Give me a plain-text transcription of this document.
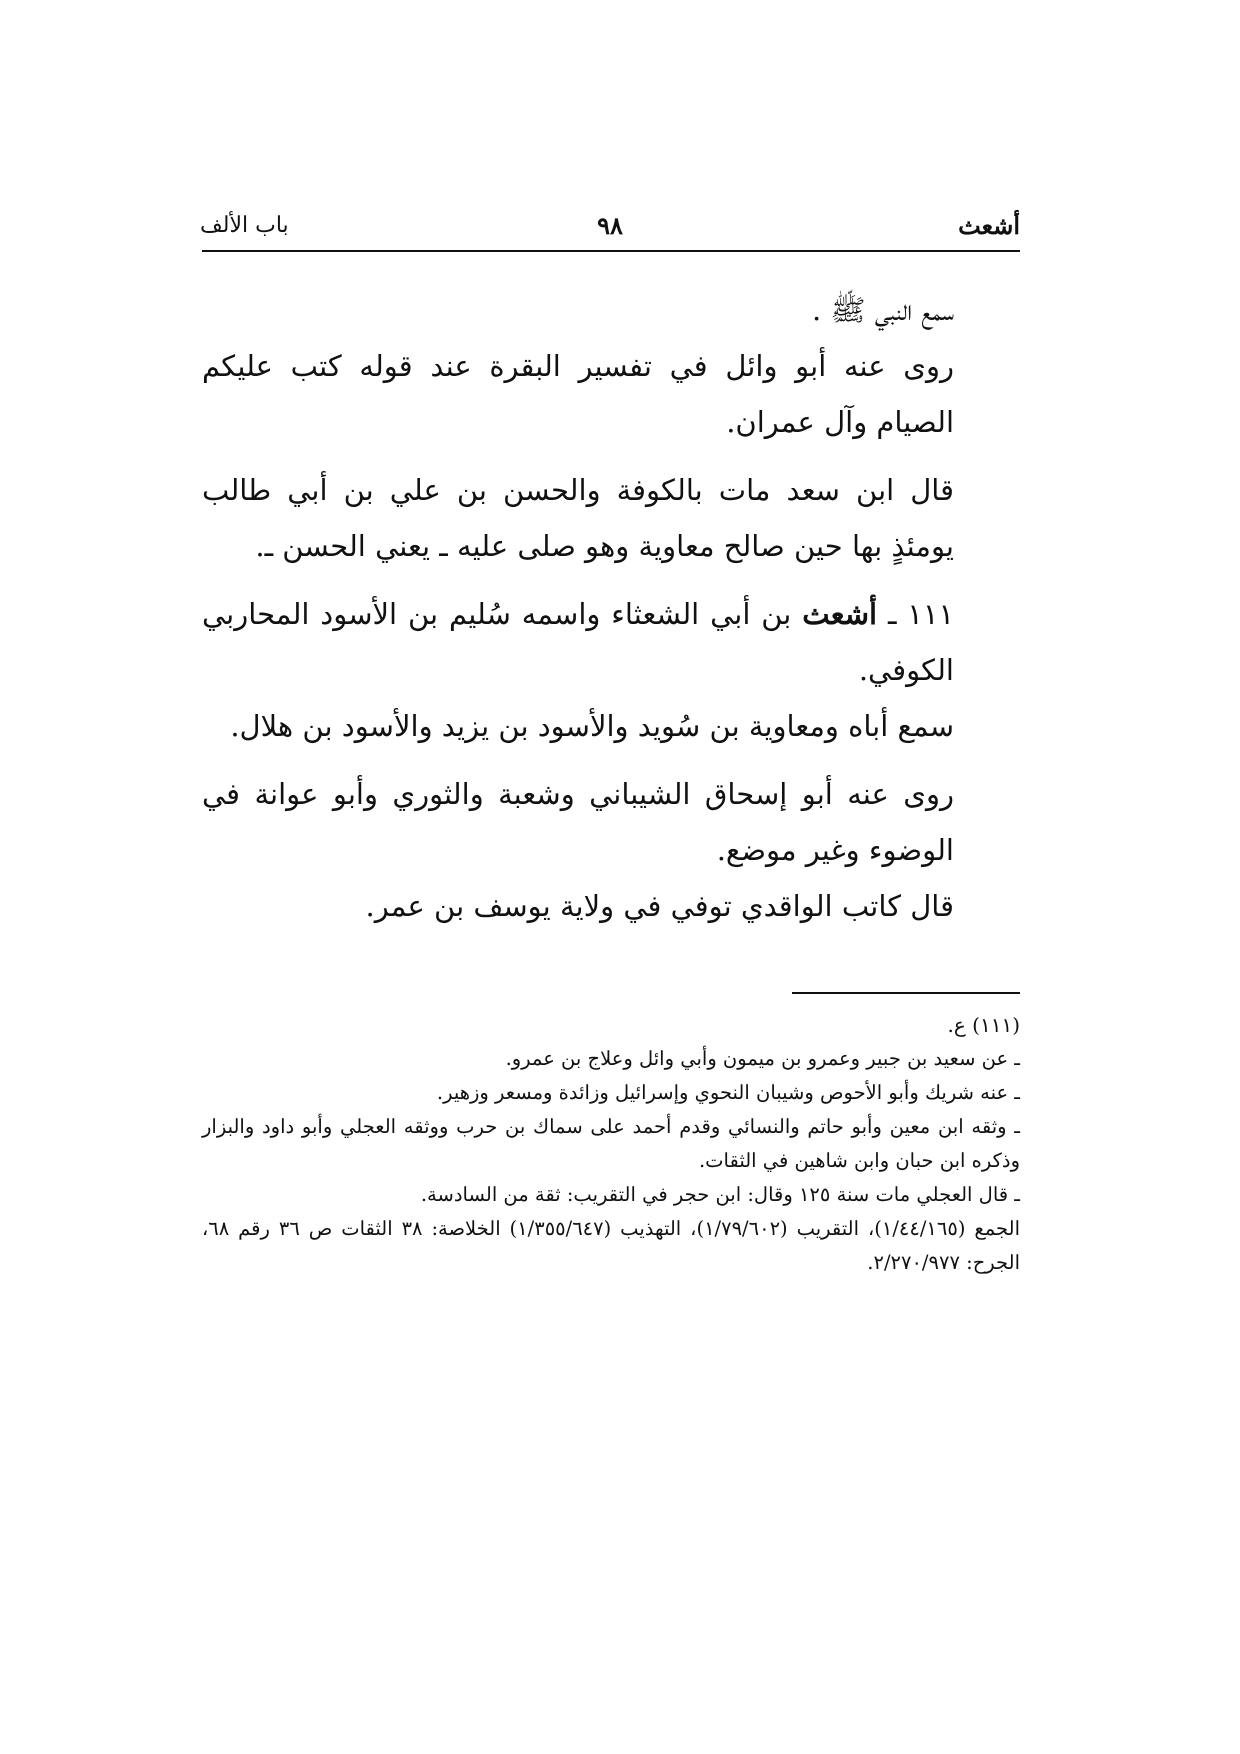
أشعث
٩٨
باب الألف

سمع النبي ﷺ .

روى عنه أبو وائل في تفسير البقرة عند قوله كتب عليكم الصيام وآل عمران.

قال ابن سعد مات بالكوفة والحسن بن علي بن أبي طالب يومئذٍ بها حين صالح معاوية وهو صلى عليه ـ يعني الحسن ـ.

١١١ ـ أشعث بن أبي الشعثاء واسمه سُليم بن الأسود المحاربي الكوفي.

سمع أباه ومعاوية بن سُويد والأسود بن يزيد والأسود بن هلال.

روى عنه أبو إسحاق الشيباني وشعبة والثوري وأبو عوانة في الوضوء وغير موضع.

قال كاتب الواقدي توفي في ولاية يوسف بن عمر.

(١١١) ع.

ـ عن سعيد بن جبير وعمرو بن ميمون وأبي وائل وعلاج بن عمرو.

ـ عنه شريك وأبو الأحوص وشيبان النحوي وإسرائيل وزائدة ومسعر وزهير.

ـ وثقه ابن معين وأبو حاتم والنسائي وقدم أحمد على سماك بن حرب ووثقه العجلي وأبو داود والبزار وذكره ابن حبان وابن شاهين في الثقات.

ـ قال العجلي مات سنة ١٢٥ وقال: ابن حجر في التقريب: ثقة من السادسة.

الجمع (١/٤٤/١٦٥)، التقريب (١/٧٩/٦٠٢)، التهذيب (١/٣٥٥/٦٤٧) الخلاصة: ٣٨ الثقات ص ٣٦ رقم ٦٨، الجرح: ٢/٢٧٠/٩٧٧.
